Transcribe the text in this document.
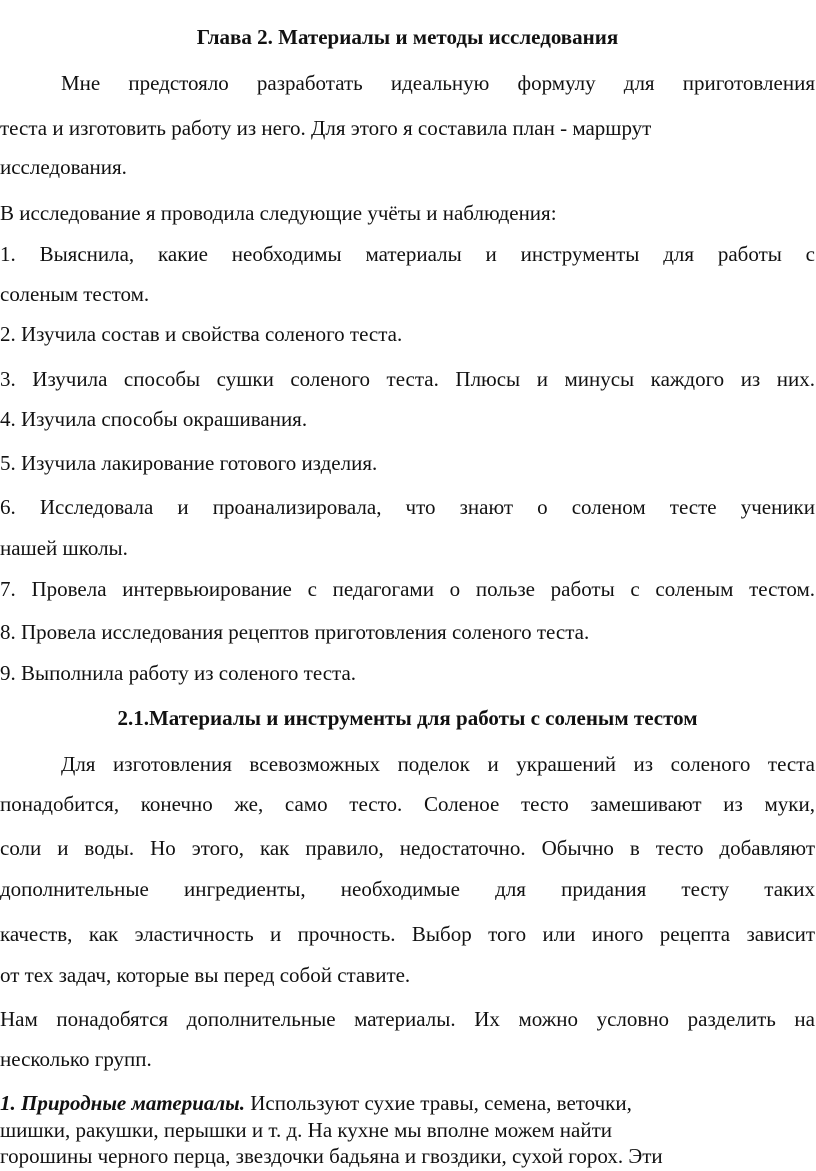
Глава 2. Материалы и методы исследования
Мне предстояло разработать идеальную формулу для приготовления
теста и изготовить работу из него. Для этого я составила план - маршрут
исследования.
В исследование я проводила следующие учёты и наблюдения:
1. Выяснила, какие необходимы материалы и инструменты для работы с
соленым тестом.
2. Изучила состав и свойства соленого теста.
3. Изучила способы сушки соленого теста. Плюсы и минусы каждого из них.
4. Изучила способы окрашивания.
5. Изучила лакирование готового изделия.
6. Исследовала и проанализировала, что знают о соленом тесте ученики
нашей школы.
7. Провела интервьюирование с педагогами о пользе работы с соленым тестом.
8. Провела исследования рецептов приготовления соленого теста.
9. Выполнила работу из соленого теста.
2.1.Материалы и инструменты для работы с соленым тестом
Для изготовления всевозможных поделок и украшений из соленого теста
понадобится, конечно же, само тесто. Соленое тесто замешивают из муки,
соли и воды. Но этого, как правило, недостаточно. Обычно в тесто добавляют
дополнительные ингредиенты, необходимые для придания тесту таких
качеств, как эластичность и прочность. Выбор того или иного рецепта зависит
от тех задач, которые вы перед собой ставите.
Нам понадобятся дополнительные материалы. Их можно условно разделить на
несколько групп.
1. Природные материалы. Используют сухие травы, семена, веточки,
шишки, ракушки, перышки и т. д. На кухне мы вполне можем найти
горошины черного перца, звездочки бадьяна и гвоздики, сухой горох. Эти
